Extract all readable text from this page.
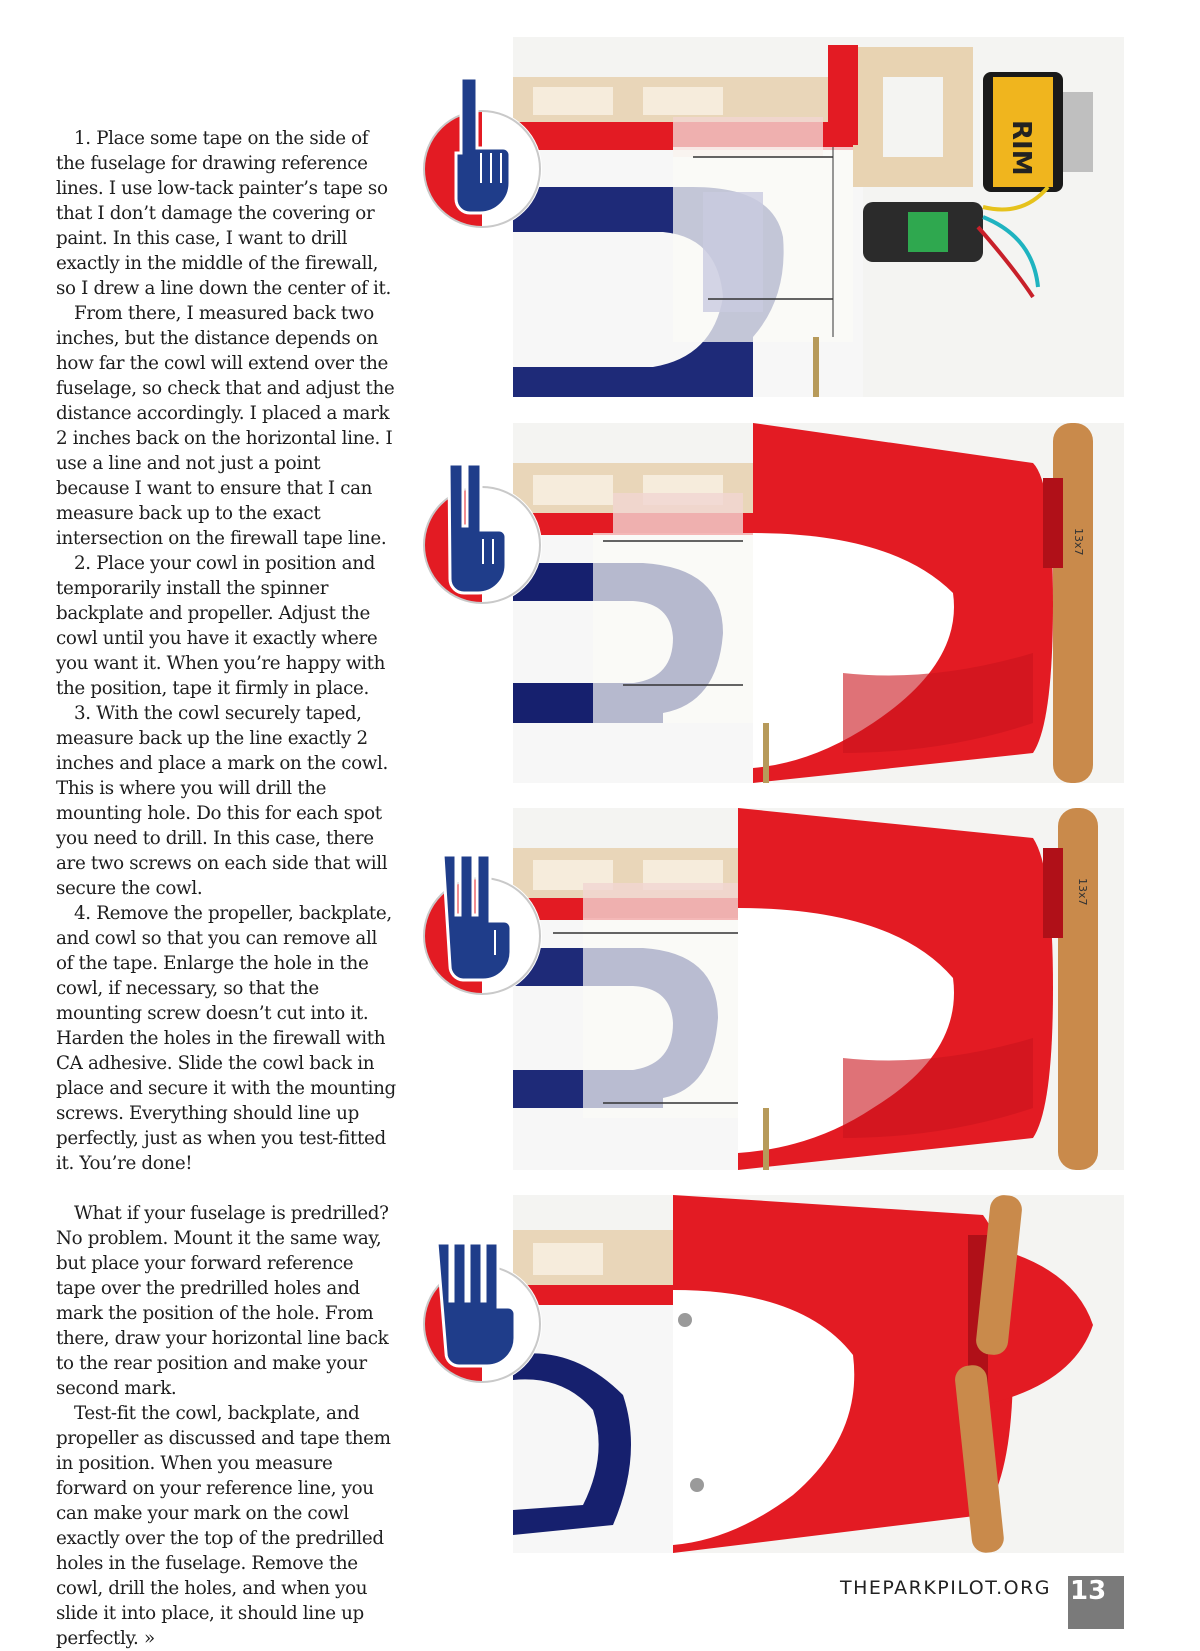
1. Place some tape on the side of the fuselage for drawing reference lines. I use low-tack painter’s tape so that I don’t damage the covering or paint. In this case, I want to drill exactly in the middle of the firewall, so I drew a line down the center of it.

From there, I measured back two inches, but the distance depends on how far the cowl will extend over the fuselage, so check that and adjust the distance accordingly. I placed a mark 2 inches back on the horizontal line. I use a line and not just a point because I want to ensure that I can measure back up to the exact intersection on the firewall tape line.

2. Place your cowl in position and temporarily install the spinner backplate and propeller. Adjust the cowl until you have it exactly where you want it. When you’re happy with the position, tape it firmly in place.

3. With the cowl securely taped, measure back up the line exactly 2 inches and place a mark on the cowl. This is where you will drill the mounting hole. Do this for each spot you need to drill. In this case, there are two screws on each side that will secure the cowl.

4. Remove the propeller, backplate, and cowl so that you can remove all of the tape. Enlarge the hole in the cowl, if necessary, so that the mounting screw doesn’t cut into it. Harden the holes in the firewall with CA adhesive. Slide the cowl back in place and secure it with the mounting screws. Everything should line up perfectly, just as when you test-fitted it. You’re done!

What if your fuselage is predrilled? No problem. Mount it the same way, but place your forward reference tape over the predrilled holes and mark the position of the hole. From there, draw your horizontal line back to the rear position and make your second mark.

Test-fit the cowl, backplate, and propeller as discussed and tape them in position. When you measure forward on your reference line, you can make your mark on the cowl exactly over the top of the predrilled holes in the fuselage. Remove the cowl, drill the holes, and when you slide it into place, it should line up perfectly. »

RIM
13x7
13x7
THEPARKPILOT.ORG 13
